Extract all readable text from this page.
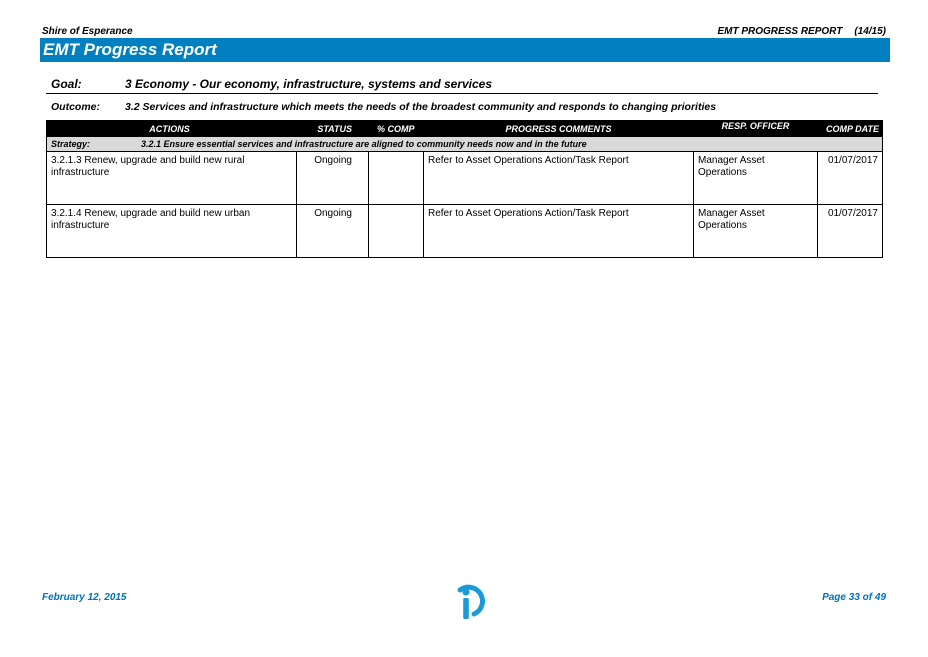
Shire of Esperance	EMT PROGRESS REPORT (14/15)
EMT Progress Report
Goal:	3 Economy - Our economy, infrastructure, systems and services
Outcome: 3.2 Services and infrastructure which meets the needs of the broadest community and responds to changing priorities
ACTIONS	STATUS	% COMP	PROGRESS COMMENTS	RESP. OFFICER	COMP DATE
Strategy: 3.2.1 Ensure essential services and infrastructure are aligned to community needs now and in the future					
3.2.1.3 Renew, upgrade and build new rural infrastructure	Ongoing		Refer to Asset Operations Action/Task Report	Manager Asset Operations	01/07/2017
3.2.1.4 Renew, upgrade and build new urban infrastructure	Ongoing		Refer to Asset Operations Action/Task Report	Manager Asset Operations	01/07/2017
February 12, 2015	Page 33 of 49
